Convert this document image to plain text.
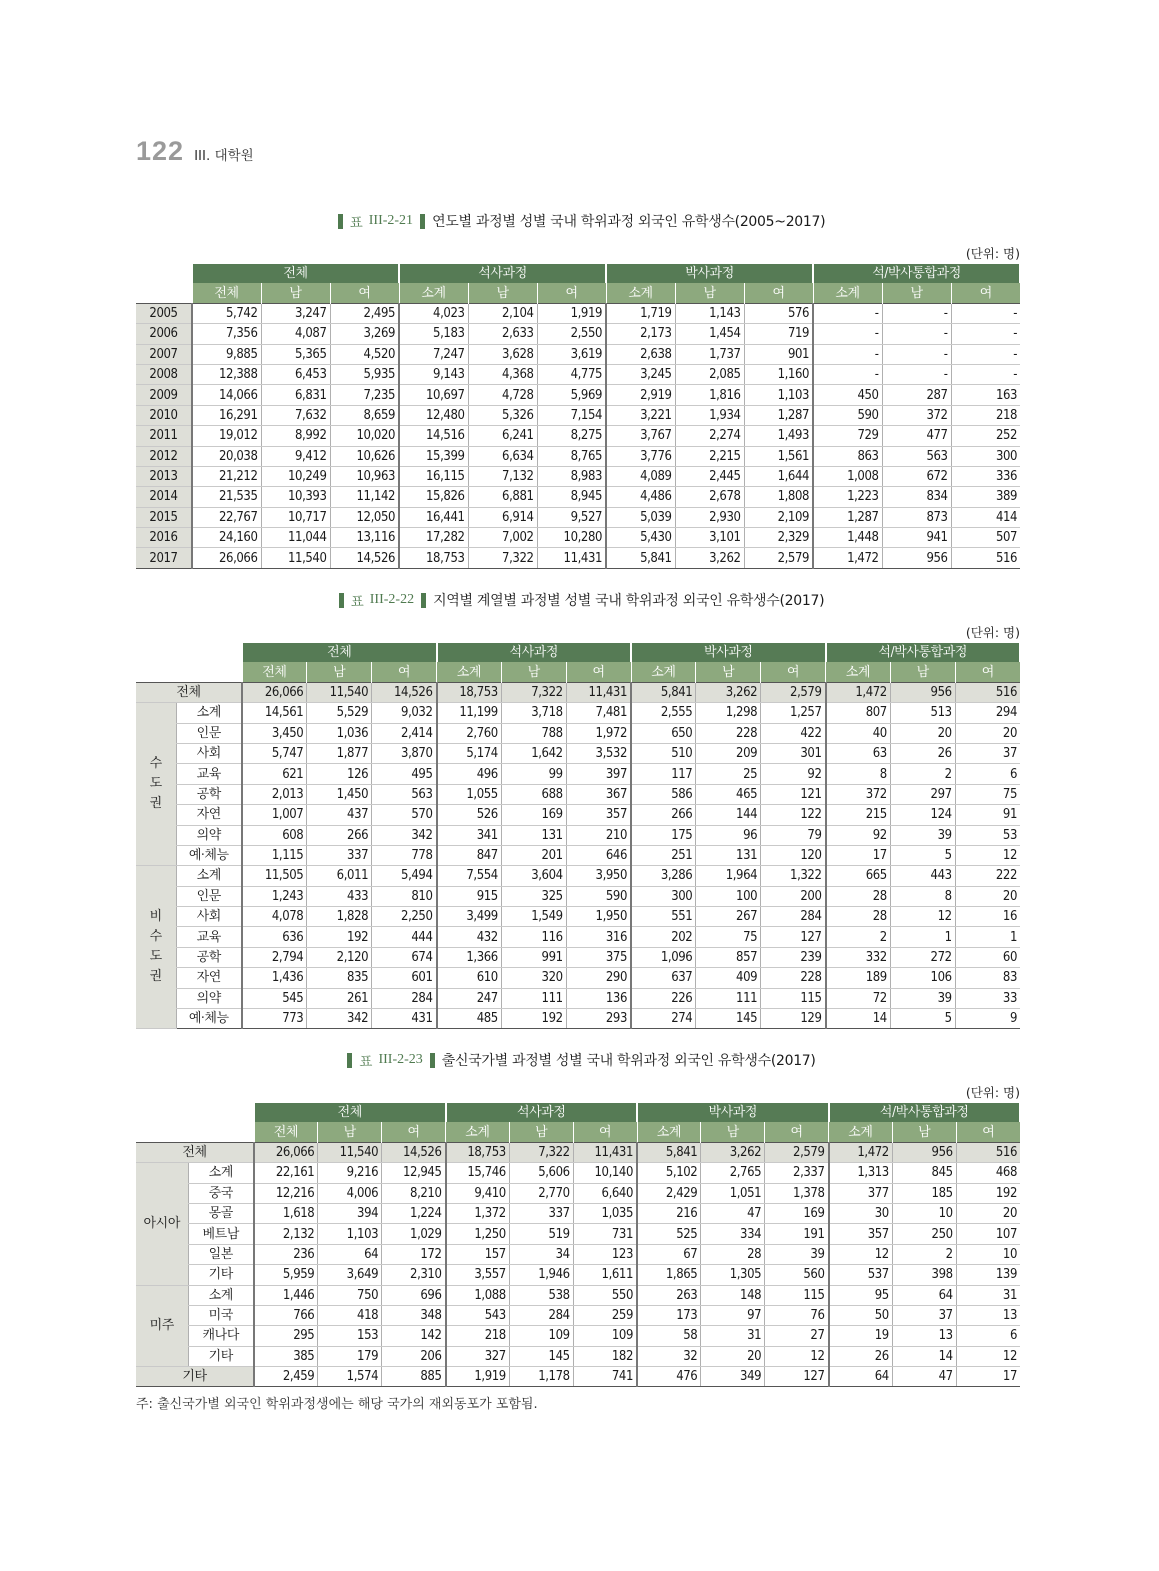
122 III. 대학원
표 III-2-21 연도별 과정별 성별 국내 학위과정 외국인 유학생수(2005~2017)
(단위: 명)
	전체			석사과정			박사과정			석/박사통합과정		
	전체	남	여	소계	남	여	소계	남	여	소계	남	여
2005	5,742	3,247	2,495	4,023	2,104	1,919	1,719	1,143	576	-	-	-
2006	7,356	4,087	3,269	5,183	2,633	2,550	2,173	1,454	719	-	-	-
2007	9,885	5,365	4,520	7,247	3,628	3,619	2,638	1,737	901	-	-	-
2008	12,388	6,453	5,935	9,143	4,368	4,775	3,245	2,085	1,160	-	-	-
2009	14,066	6,831	7,235	10,697	4,728	5,969	2,919	1,816	1,103	450	287	163
2010	16,291	7,632	8,659	12,480	5,326	7,154	3,221	1,934	1,287	590	372	218
2011	19,012	8,992	10,020	14,516	6,241	8,275	3,767	2,274	1,493	729	477	252
2012	20,038	9,412	10,626	15,399	6,634	8,765	3,776	2,215	1,561	863	563	300
2013	21,212	10,249	10,963	16,115	7,132	8,983	4,089	2,445	1,644	1,008	672	336
2014	21,535	10,393	11,142	15,826	6,881	8,945	4,486	2,678	1,808	1,223	834	389
2015	22,767	10,717	12,050	16,441	6,914	9,527	5,039	2,930	2,109	1,287	873	414
2016	24,160	11,044	13,116	17,282	7,002	10,280	5,430	3,101	2,329	1,448	941	507
2017	26,066	11,540	14,526	18,753	7,322	11,431	5,841	3,262	2,579	1,472	956	516
표 III-2-22 지역별 계열별 과정별 성별 국내 학위과정 외국인 유학생수(2017)
(단위: 명)
		전체			석사과정			박사과정			석/박사통합과정		
		전체	남	여	소계	남	여	소계	남	여	소계	남	여
전체		26,066	11,540	14,526	18,753	7,322	11,431	5,841	3,262	2,579	1,472	956	516
수
도
권	소계	14,561	5,529	9,032	11,199	3,718	7,481	2,555	1,298	1,257	807	513	294
	인문	3,450	1,036	2,414	2,760	788	1,972	650	228	422	40	20	20
	사회	5,747	1,877	3,870	5,174	1,642	3,532	510	209	301	63	26	37
	교육	621	126	495	496	99	397	117	25	92	8	2	6
	공학	2,013	1,450	563	1,055	688	367	586	465	121	372	297	75
	자연	1,007	437	570	526	169	357	266	144	122	215	124	91
	의약	608	266	342	341	131	210	175	96	79	92	39	53
	예·체능	1,115	337	778	847	201	646	251	131	120	17	5	12
비
수
도
권	소계	11,505	6,011	5,494	7,554	3,604	3,950	3,286	1,964	1,322	665	443	222
	인문	1,243	433	810	915	325	590	300	100	200	28	8	20
	사회	4,078	1,828	2,250	3,499	1,549	1,950	551	267	284	28	12	16
	교육	636	192	444	432	116	316	202	75	127	2	1	1
	공학	2,794	2,120	674	1,366	991	375	1,096	857	239	332	272	60
	자연	1,436	835	601	610	320	290	637	409	228	189	106	83
	의약	545	261	284	247	111	136	226	111	115	72	39	33
	예·체능	773	342	431	485	192	293	274	145	129	14	5	9
표 III-2-23 출신국가별 과정별 성별 국내 학위과정 외국인 유학생수(2017)
(단위: 명)
		전체			석사과정			박사과정			석/박사통합과정		
		전체	남	여	소계	남	여	소계	남	여	소계	남	여
전체		26,066	11,540	14,526	18,753	7,322	11,431	5,841	3,262	2,579	1,472	956	516
아시아	소계	22,161	9,216	12,945	15,746	5,606	10,140	5,102	2,765	2,337	1,313	845	468
	중국	12,216	4,006	8,210	9,410	2,770	6,640	2,429	1,051	1,378	377	185	192
	몽골	1,618	394	1,224	1,372	337	1,035	216	47	169	30	10	20
	베트남	2,132	1,103	1,029	1,250	519	731	525	334	191	357	250	107
	일본	236	64	172	157	34	123	67	28	39	12	2	10
	기타	5,959	3,649	2,310	3,557	1,946	1,611	1,865	1,305	560	537	398	139
미주	소계	1,446	750	696	1,088	538	550	263	148	115	95	64	31
	미국	766	418	348	543	284	259	173	97	76	50	37	13
	캐나다	295	153	142	218	109	109	58	31	27	19	13	6
	기타	385	179	206	327	145	182	32	20	12	26	14	12
기타		2,459	1,574	885	1,919	1,178	741	476	349	127	64	47	17
주: 출신국가별 외국인 학위과정생에는 해당 국가의 재외동포가 포함됨.
